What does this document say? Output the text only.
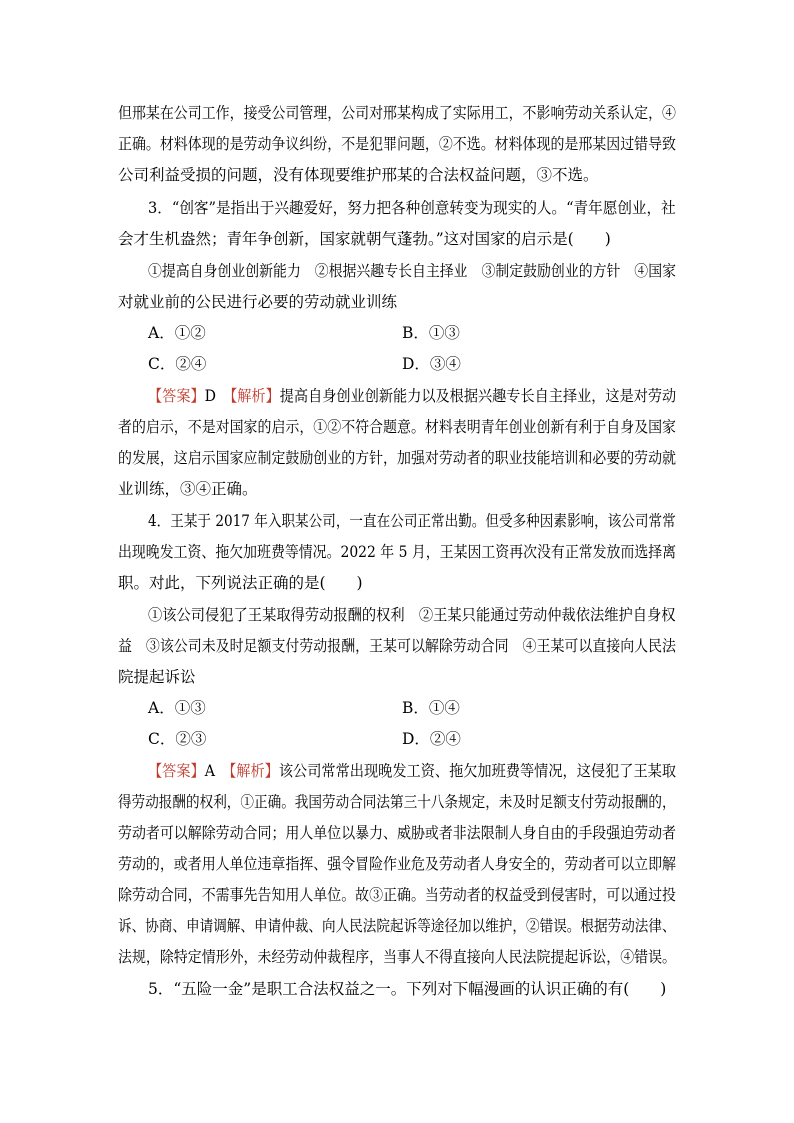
但邢某在公司工作，接受公司管理，公司对邢某构成了实际用工，不影响劳动关系认定，④
正确。材料体现的是劳动争议纠纷，不是犯罪问题，②不选。材料体现的是邢某因过错导致
公司利益受损的问题，没有体现要维护邢某的合法权益问题，③不选。
3．“创客”是指出于兴趣爱好，努力把各种创意转变为现实的人。“青年愿创业，社
会才生机盎然；青年争创新，国家就朝气蓬勃。”这对国家的启示是(　　)
①提高自身创业创新能力　②根据兴趣专长自主择业　③制定鼓励创业的方针　④国家
对就业前的公民进行必要的劳动就业训练
A．①②	B．①③
C．②④	D．③④
【答案】D　 【解析】提高自身创业创新能力以及根据兴趣专长自主择业，这是对劳动
者的启示，不是对国家的启示，①②不符合题意。材料表明青年创业创新有利于自身及国家
的发展，这启示国家应制定鼓励创业的方针，加强对劳动者的职业技能培训和必要的劳动就
业训练，③④正确。
4．王某于 2017 年入职某公司，一直在公司正常出勤。但受多种因素影响，该公司常常
出现晚发工资、拖欠加班费等情况。2022 年 5 月，王某因工资再次没有正常发放而选择离
职。对此，下列说法正确的是(　　)
①该公司侵犯了王某取得劳动报酬的权利　②王某只能通过劳动仲裁依法维护自身权
益　③该公司未及时足额支付劳动报酬，王某可以解除劳动合同　④王某可以直接向人民法
院提起诉讼
A．①③	B．①④
C．②③	D．②④
【答案】A　 【解析】该公司常常出现晚发工资、拖欠加班费等情况，这侵犯了王某取
得劳动报酬的权利，①正确。我国劳动合同法第三十八条规定，未及时足额支付劳动报酬的，
劳动者可以解除劳动合同；用人单位以暴力、威胁或者非法限制人身自由的手段强迫劳动者
劳动的，或者用人单位违章指挥、强令冒险作业危及劳动者人身安全的，劳动者可以立即解
除劳动合同，不需事先告知用人单位。故③正确。当劳动者的权益受到侵害时，可以通过投
诉、协商、申请调解、申请仲裁、向人民法院起诉等途径加以维护，②错误。根据劳动法律、
法规，除特定情形外，未经劳动仲裁程序，当事人不得直接向人民法院提起诉讼，④错误。
5．“五险一金”是职工合法权益之一。下列对下幅漫画的认识正确的有(　　)
